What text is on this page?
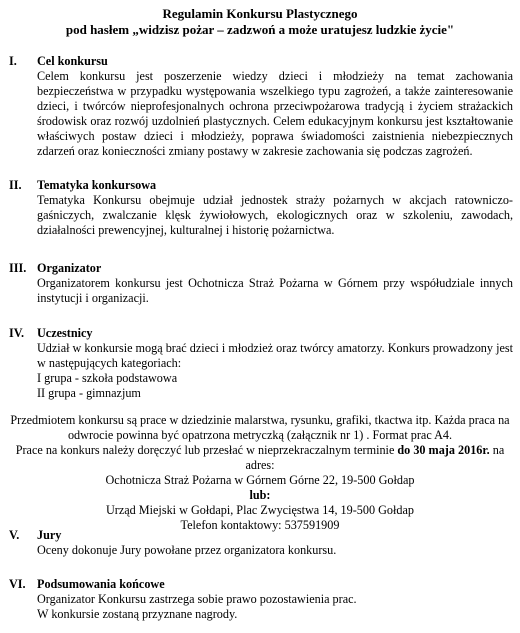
Regulamin Konkursu Plastycznego
pod hasłem „widzisz pożar – zadzwoń a może uratujesz ludzkie życie"
I.	Cel konkursu

Celem konkursu jest poszerzenie wiedzy dzieci i młodzieży na temat zachowania bezpieczeństwa w przypadku występowania wszelkiego typu zagrożeń, a także zainteresowanie dzieci, i twórców nieprofesjonalnych ochrona przeciwpożarowa tradycją i życiem strażackich środowisk oraz rozwój uzdolnień plastycznych. Celem edukacyjnym konkursu jest kształtowanie właściwych postaw dzieci i młodzieży, poprawa świadomości zaistnienia niebezpiecznych zdarzeń oraz konieczności zmiany postawy w zakresie zachowania się podczas zagrożeń.

II.	Tematyka konkursowa

Tematyka Konkursu obejmuje udział jednostek straży pożarnych w akcjach ratowniczo-gaśniczych, zwalczanie klęsk żywiołowych, ekologicznych oraz w szkoleniu, zawodach, działalności prewencyjnej, kulturalnej i historię pożarnictwa.

III. Organizator

Organizatorem konkursu jest Ochotnicza Straż Pożarna w Górnem przy współudziale innych instytucji i organizacji.

IV.	Uczestnicy

Udział w konkursie mogą brać dzieci i młodzież oraz twórcy amatorzy. Konkurs prowadzony jest w następujących kategoriach:

I grupa - szkoła podstawowa

II grupa - gimnazjum

Przedmiotem konkursu są prace w dziedzinie malarstwa, rysunku, grafiki, tkactwa itp. Każda praca na odwrocie powinna być opatrzona metryczką (załącznik nr 1) . Format prac A4.

Prace na konkurs należy doręczyć lub przesłać w nieprzekraczalnym terminie do 30 maja 2016r. na adres:

Ochotnicza Straż Pożarna w Górnem Górne 22, 19-500 Gołdap

lub:

Urząd Miejski w Gołdapi, Plac Zwycięstwa 14, 19-500 Gołdap

Telefon kontaktowy: 537591909

V.	Jury

Oceny dokonuje Jury powołane przez organizatora konkursu.

VI. Podsumowania końcowe

Organizator Konkursu zastrzega sobie prawo pozostawienia prac.

W konkursie zostaną przyznane nagrody.
